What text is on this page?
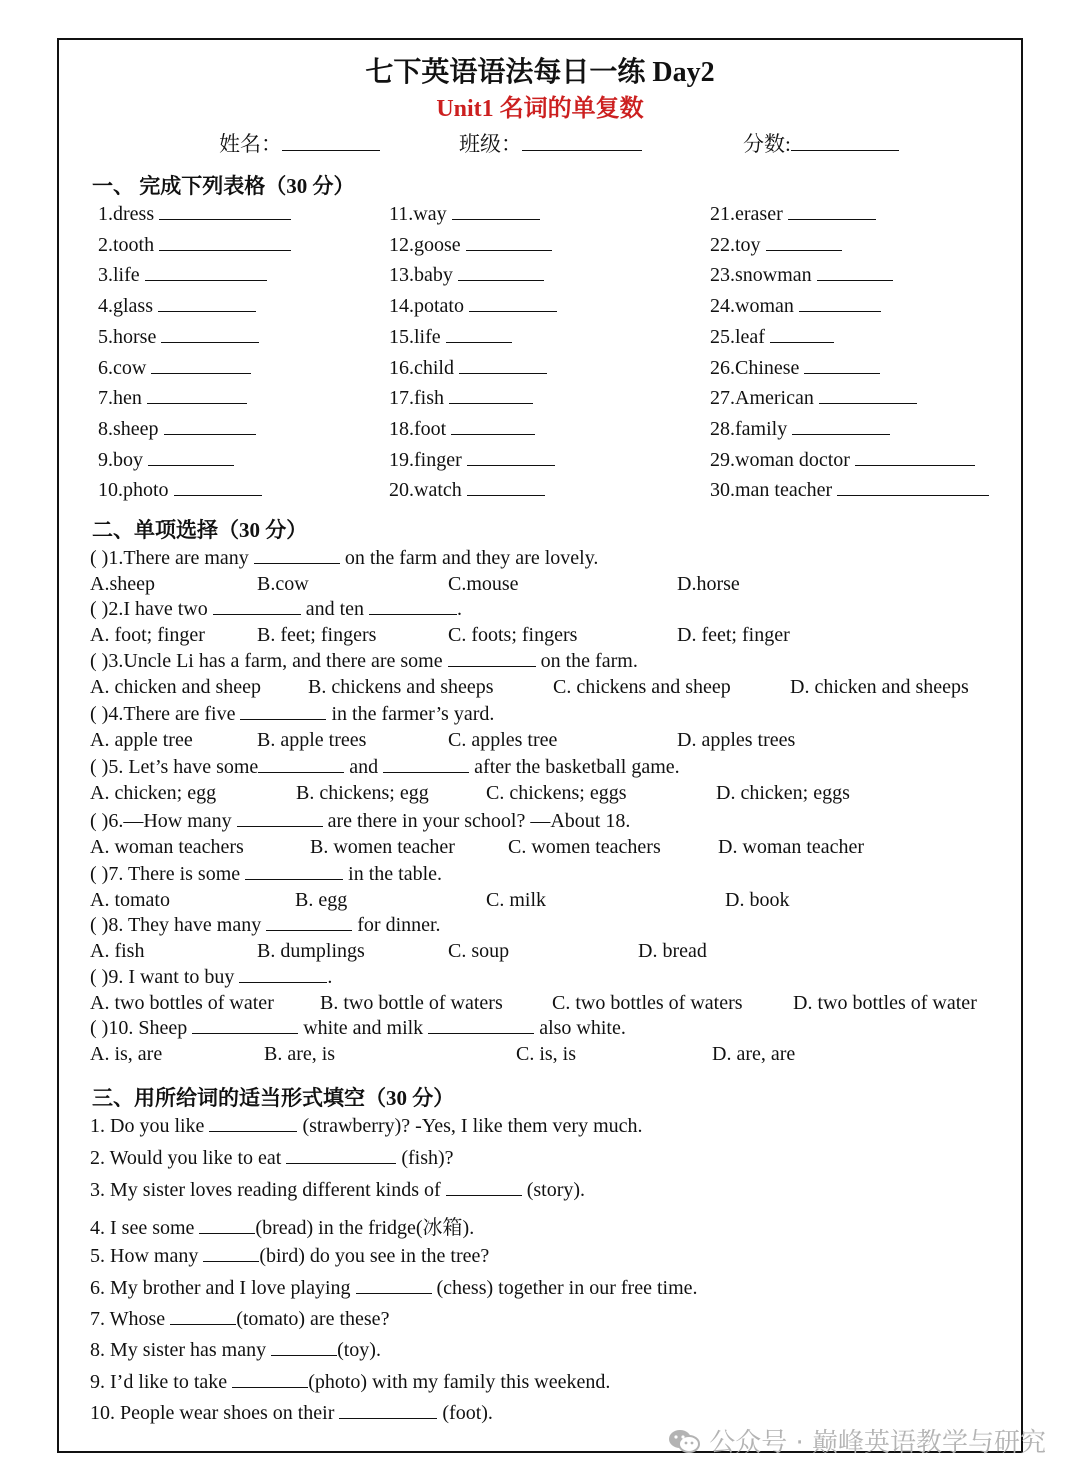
七下英语语法每日一练 Day2
Unit1 名词的单复数
姓名：	班级：	分数:
一、 完成下列表格（30 分）
1.dress
2.tooth
3.life
4.glass
5.horse
6.cow
7.hen
8.sheep
9.boy
10.photo
11.way
12.goose
13.baby
14.potato
15.life
16.child
17.fish
18.foot
19.finger
20.watch
21.eraser
22.toy
23.snowman
24.woman
25.leaf
26.Chinese
27.American
28.family
29.woman doctor
30.man teacher
二、单项选择（30 分）
( )1.There are many	on the farm and they are lovely.
A.sheep	B.cow	C.mouse	D.horse
( )2.I have two	and ten	.
A. foot; finger	B. feet; fingers	C. foots; fingers	D. feet; finger
( )3.Uncle Li has a farm, and there are some	on the farm.
A. chicken and sheep B. chickens and sheeps	C. chickens and sheep	D. chicken and sheeps
( )4.There are five	in the farmer’s yard.
A. apple tree	B. apple trees	C. apples tree	D. apples trees
( )5. Let’s have some	and	after the basketball game.
A. chicken; egg	B. chickens; egg	C. chickens; eggs	D. chicken; eggs
( )6.—How many	are there in your school? —About 18.
A. woman teachers	B. women teacher	C. women teachers	D. woman teacher
( )7. There is some	in the table.
A. tomato	B. egg	C. milk	D. book
( )8. They have many	for dinner.
A. fish	B. dumplings	C. soup	D. bread
( )9. I want to buy	.
A. two bottles of water B. two bottle of waters C. two bottles of waters	D. two bottles of water
( )10. Sheep	white and milk	also white.
A. is, are	B. are, is	C. is, is	D. are, are
三、用所给词的适当形式填空（30 分）
1. Do you like	(strawberry)? -Yes, I like them very much.
2. Would you like to eat	(fish)?
3. My sister loves reading different kinds of	(story).
4. I see some	(bread) in the fridge(冰箱).
5. How many	(bird) do you see in the tree?
6. My brother and I love playing	(chess) together in our free time.
7. Whose	(tomato) are these?
8. My sister has many	(toy).
9. I’d like to take	(photo) with my family this weekend.
10. People wear shoes on their	(foot).
公众号 · 巅峰英语教学与研究
